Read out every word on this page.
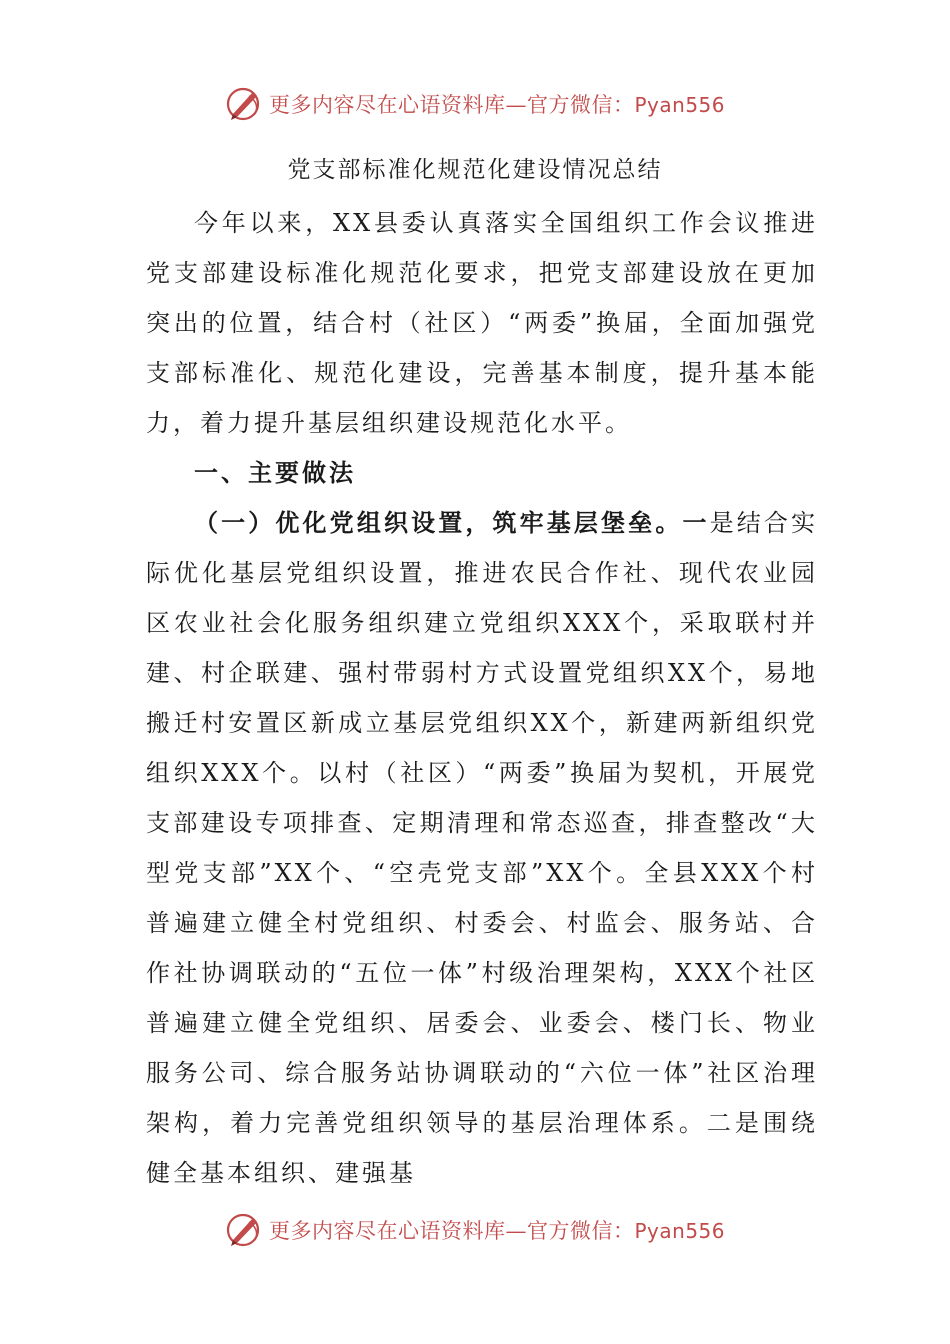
更多内容尽在心语资料库—官方微信：Pyan556
党支部标准化规范化建设情况总结

今年以来，XX县委认真落实全国组织工作会议推进党支部建设标准化规范化要求，把党支部建设放在更加突出的位置，结合村（社区）“两委”换届，全面加强党支部标准化、规范化建设，完善基本制度，提升基本能力，着力提升基层组织建设规范化水平。

一、主要做法

（一）优化党组织设置，筑牢基层堡垒。一是结合实际优化基层党组织设置，推进农民合作社、现代农业园区农业社会化服务组织建立党组织XXX个，采取联村并建、村企联建、强村带弱村方式设置党组织XX个，易地搬迁村安置区新成立基层党组织XX个，新建两新组织党组织XXX个。以村（社区）“两委”换届为契机，开展党支部建设专项排查、定期清理和常态巡查，排查整改“大型党支部”XX个、“空壳党支部”XX个。全县XXX个村普遍建立健全村党组织、村委会、村监会、服务站、合作社协调联动的“五位一体”村级治理架构，XXX个社区普遍建立健全党组织、居委会、业委会、楼门长、物业服务公司、综合服务站协调联动的“六位一体”社区治理架构，着力完善党组织领导的基层治理体系。二是围绕健全基本组织、建强基

更多内容尽在心语资料库—官方微信：Pyan556
